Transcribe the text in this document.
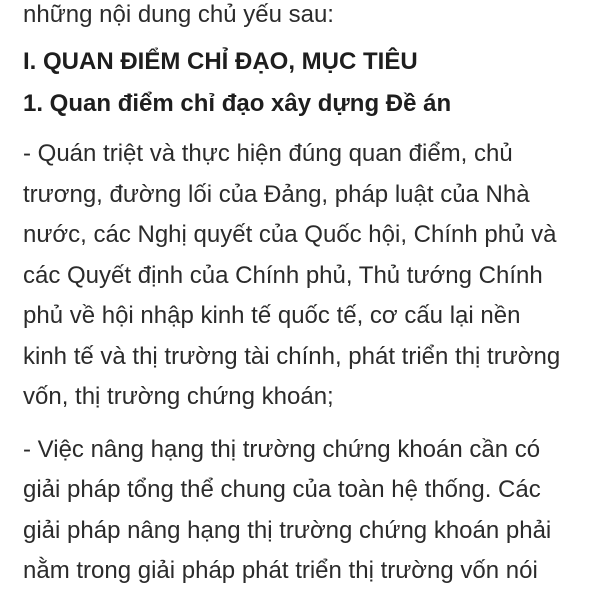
những nội dung chủ yếu sau:

I. QUAN ĐIỂM CHỈ ĐẠO, MỤC TIÊU
1. Quan điểm chỉ đạo xây dựng Đề án

- Quán triệt và thực hiện đúng quan điểm, chủ
trương, đường lối của Đảng, pháp luật của Nhà
nước, các Nghị quyết của Quốc hội, Chính phủ và
các Quyết định của Chính phủ, Thủ tướng Chính
phủ về hội nhập kinh tế quốc tế, cơ cấu lại nền
kinh tế và thị trường tài chính, phát triển thị trường
vốn, thị trường chứng khoán;

- Việc nâng hạng thị trường chứng khoán cần có
giải pháp tổng thể chung của toàn hệ thống. Các
giải pháp nâng hạng thị trường chứng khoán phải
nằm trong giải pháp phát triển thị trường vốn nói
